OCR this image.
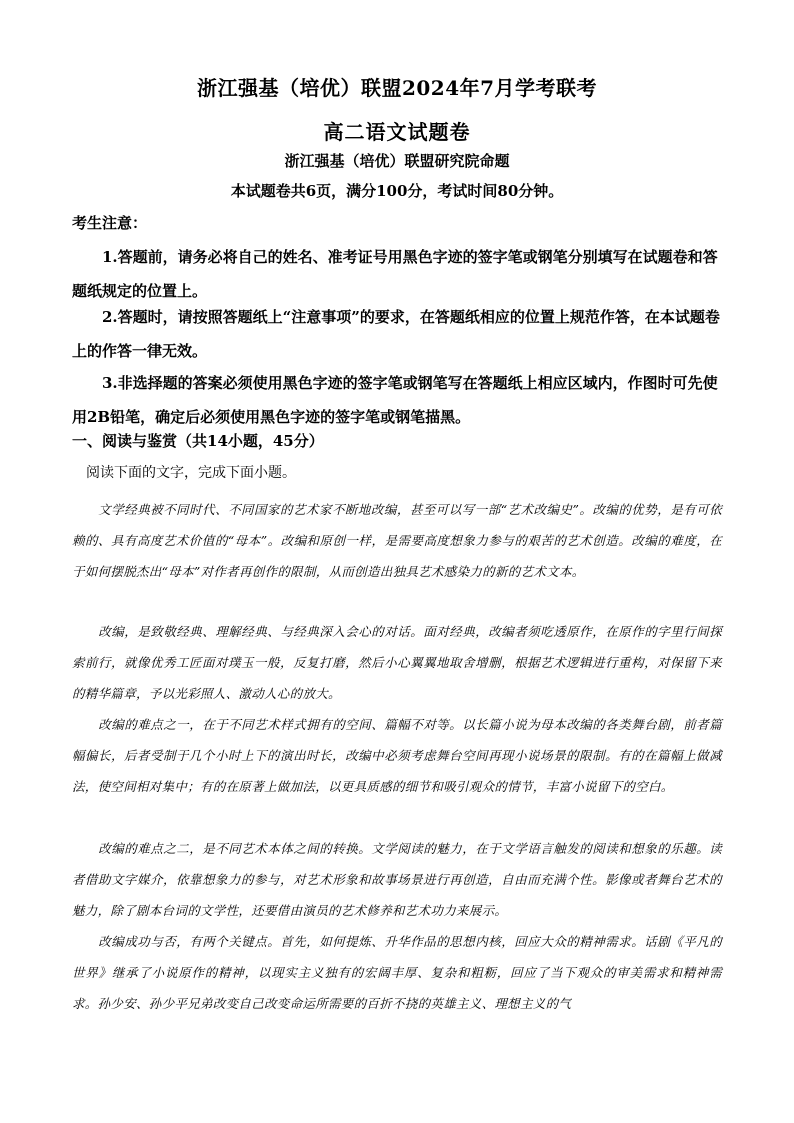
浙江强基（培优）联盟2024年7月学考联考
高二语文试题卷
浙江强基（培优）联盟研究院命题
本试题卷共6页，满分100分，考试时间80分钟。
考生注意：

1.答题前，请务必将自己的姓名、准考证号用黑色字迹的签字笔或钢笔分别填写在试题卷和答题纸规定的位置上。

2.答题时，请按照答题纸上“注意事项”的要求，在答题纸相应的位置上规范作答，在本试题卷上的作答一律无效。

3.非选择题的答案必须使用黑色字迹的签字笔或钢笔写在答题纸上相应区域内，作图时可先使用2B铅笔，确定后必须使用黑色字迹的签字笔或钢笔描黑。

一、阅读与鉴赏（共14小题，45分）
阅读下面的文字，完成下面小题。

文学经典被不同时代、不同国家的艺术家不断地改编，甚至可以写一部“艺术改编史”。改编的优势，是有可依赖的、具有高度艺术价值的“母本”。改编和原创一样，是需要高度想象力参与的艰苦的艺术创造。改编的难度，在于如何摆脱杰出“母本”对作者再创作的限制，从而创造出独具艺术感染力的新的艺术文本。

改编，是致敬经典、理解经典、与经典深入会心的对话。面对经典，改编者须吃透原作，在原作的字里行间探索前行，就像优秀工匠面对璞玉一般，反复打磨，然后小心翼翼地取舍增删，根据艺术逻辑进行重构，对保留下来的精华篇章，予以光彩照人、激动人心的放大。

改编的难点之一，在于不同艺术样式拥有的空间、篇幅不对等。以长篇小说为母本改编的各类舞台剧，前者篇幅偏长，后者受制于几个小时上下的演出时长，改编中必须考虑舞台空间再现小说场景的限制。有的在篇幅上做减法，使空间相对集中；有的在原著上做加法，以更具质感的细节和吸引观众的情节，丰富小说留下的空白。

改编的难点之二，是不同艺术本体之间的转换。文学阅读的魅力，在于文学语言触发的阅读和想象的乐趣。读者借助文字媒介，依靠想象力的参与，对艺术形象和故事场景进行再创造，自由而充满个性。影像或者舞台艺术的魅力，除了剧本台词的文学性，还要借由演员的艺术修养和艺术功力来展示。

改编成功与否，有两个关键点。首先，如何提炼、升华作品的思想内核，回应大众的精神需求。话剧《平凡的世界》继承了小说原作的精神，以现实主义独有的宏阔丰厚、复杂和粗粝，回应了当下观众的审美需求和精神需求。孙少安、孙少平兄弟改变自己改变命运所需要的百折不挠的英雄主义、理想主义的气
